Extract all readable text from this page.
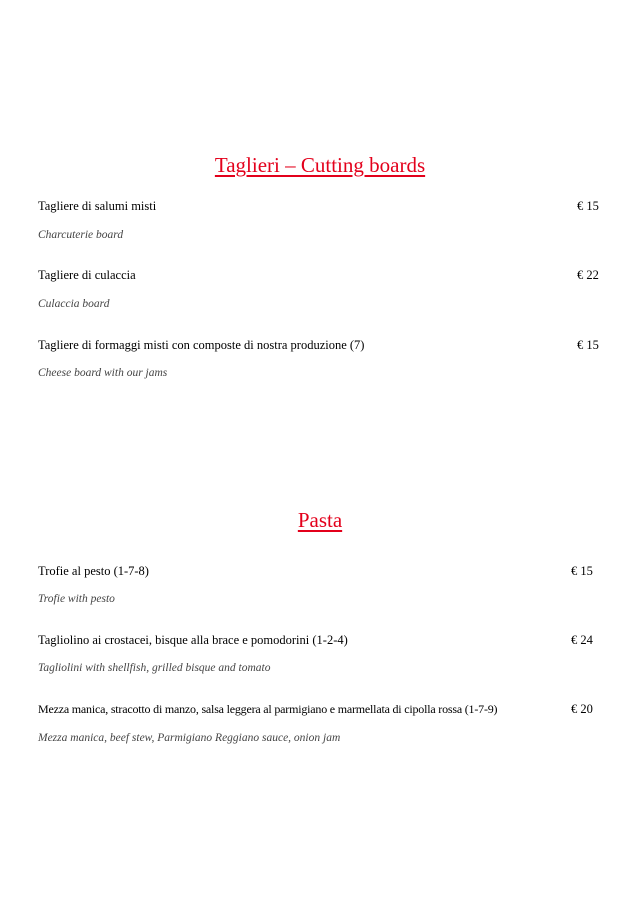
Taglieri – Cutting boards
Tagliere di salumi misti	€ 15
Charcuterie board
Tagliere di culaccia	€ 22
Culaccia board
Tagliere di formaggi misti con composte di nostra produzione (7)	€ 15
Cheese board with our jams
Pasta
Trofie al pesto (1-7-8)	€ 15
Trofie with pesto
Tagliolino ai crostacei, bisque alla brace e pomodorini (1-2-4)	€ 24
Tagliolini with shellfish, grilled bisque and tomato
Mezza manica, stracotto di manzo, salsa leggera al parmigiano e marmellata di cipolla rossa (1-7-9)	€ 20
Mezza manica, beef stew, Parmigiano Reggiano sauce, onion jam
